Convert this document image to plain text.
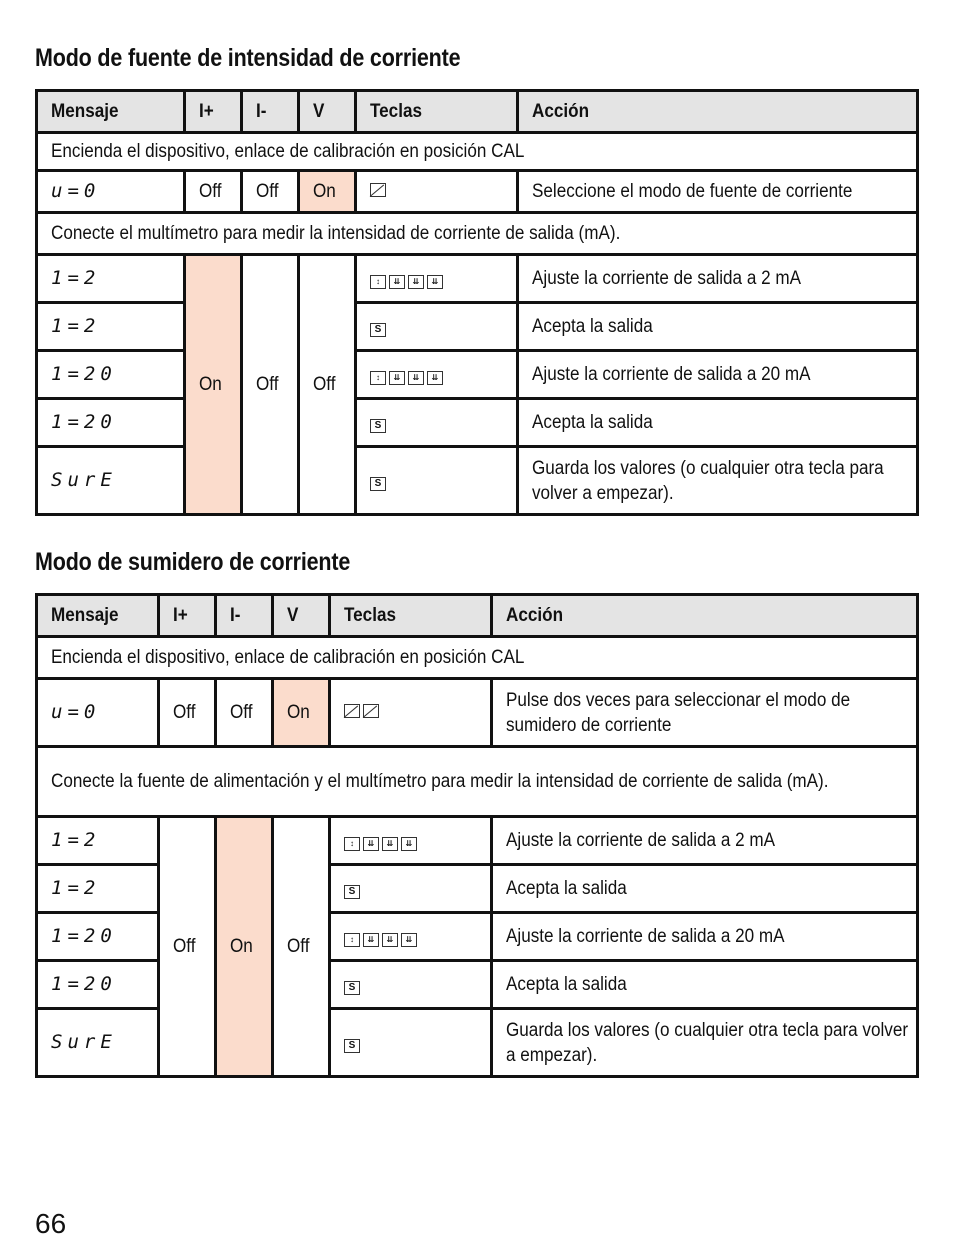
Modo de fuente de intensidad de corriente
Mensaje	I+	I-	V	Teclas	Acción
Encienda el dispositivo, enlace de calibración en posición CAL					
u=0	Off	Off	On		Seleccione el modo de fuente de corriente
Conecte el multímetro para medir la intensidad de corriente de salida (mA).					
1=2	On	Off	Off	↕ ⇊ ⇊ ⇊	Ajuste la corriente de salida a 2 mA
1=2				S	Acepta la salida
1=20				↕ ⇊ ⇊ ⇊	Ajuste la corriente de salida a 20 mA
1=20				S	Acepta la salida
SurE				S	Guarda los valores (o cualquier otra tecla para volver a empezar).
Modo de sumidero de corriente
Mensaje	I+	I-	V	Teclas	Acción
Encienda el dispositivo, enlace de calibración en posición CAL					
u=0	Off	Off	On		Pulse dos veces para seleccionar el modo de sumidero de corriente

Conecte la fuente de alimentación y el multímetro para medir la intensidad de corriente de salida (mA).					

1=2	Off	On	Off	↕ ⇊ ⇊ ⇊	Ajuste la corriente de salida a 2 mA
1=2				S	Acepta la salida
1=20				↕ ⇊ ⇊ ⇊	Ajuste la corriente de salida a 20 mA
1=20				S	Acepta la salida
SurE				S	Guarda los valores (o cualquier otra tecla para volver a empezar).
66
